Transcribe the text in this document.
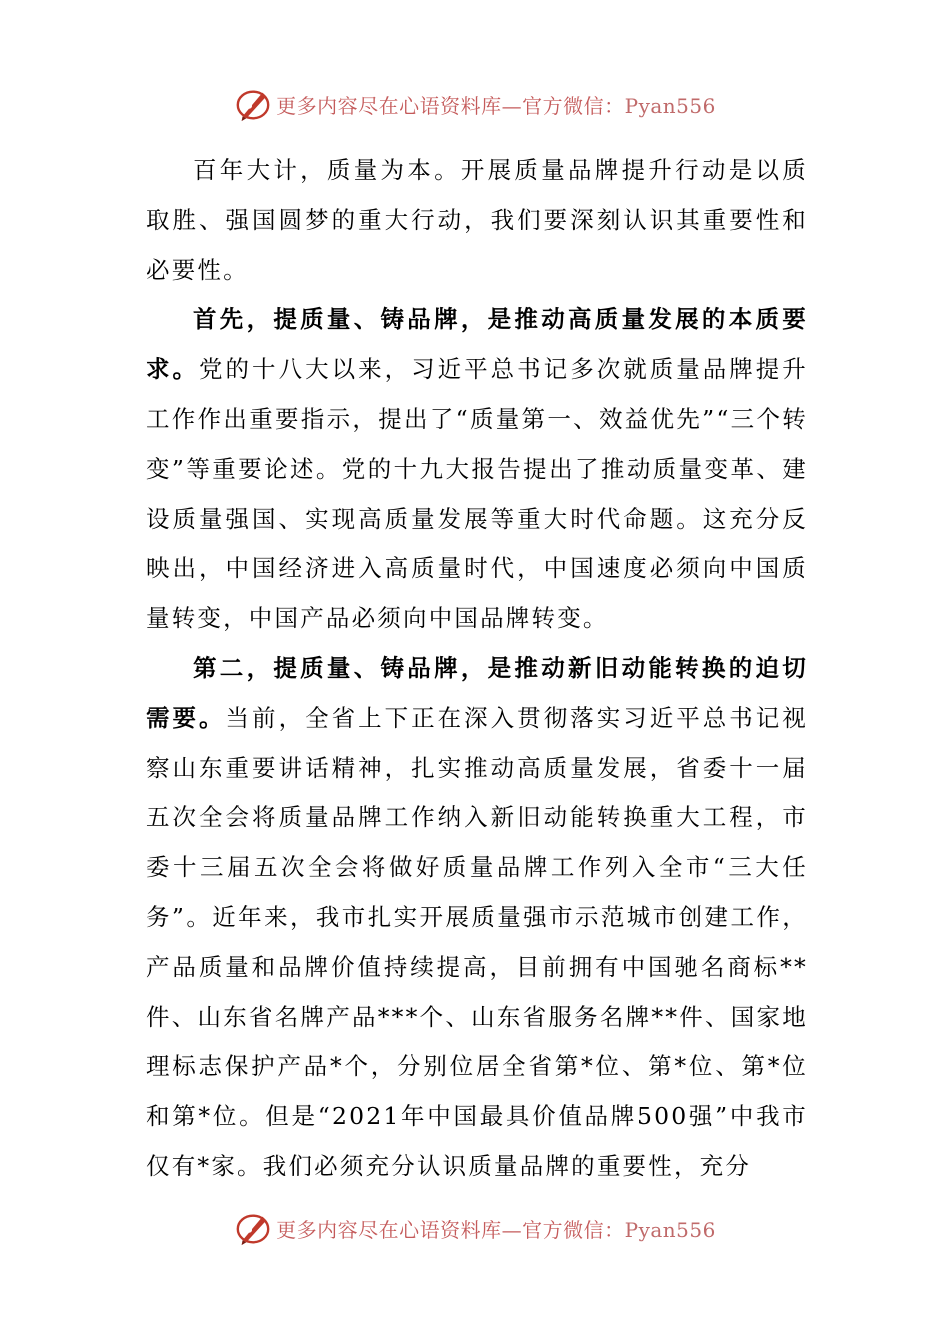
更多内容尽在心语资料库—官方微信：Pyan556

百年大计，质量为本。开展质量品牌提升行动是以质取胜、强国圆梦的重大行动，我们要深刻认识其重要性和必要性。

首先，提质量、铸品牌，是推动高质量发展的本质要求。党的十八大以来，习近平总书记多次就质量品牌提升工作作出重要指示，提出了“质量第一、效益优先”“三个转变”等重要论述。党的十九大报告提出了推动质量变革、建设质量强国、实现高质量发展等重大时代命题。这充分反映出，中国经济进入高质量时代，中国速度必须向中国质量转变，中国产品必须向中国品牌转变。

第二，提质量、铸品牌，是推动新旧动能转换的迫切需要。当前，全省上下正在深入贯彻落实习近平总书记视察山东重要讲话精神，扎实推动高质量发展，省委十一届五次全会将质量品牌工作纳入新旧动能转换重大工程，市委十三届五次全会将做好质量品牌工作列入全市“三大任务”。近年来，我市扎实开展质量强市示范城市创建工作，产品质量和品牌价值持续提高，目前拥有中国驰名商标**件、山东省名牌产品***个、山东省服务名牌**件、国家地理标志保护产品*个，分别位居全省第*位、第*位、第*位和第*位。但是“2021年中国最具价值品牌500强”中我市仅有*家。我们必须充分认识质量品牌的重要性，充分

更多内容尽在心语资料库—官方微信：Pyan556
